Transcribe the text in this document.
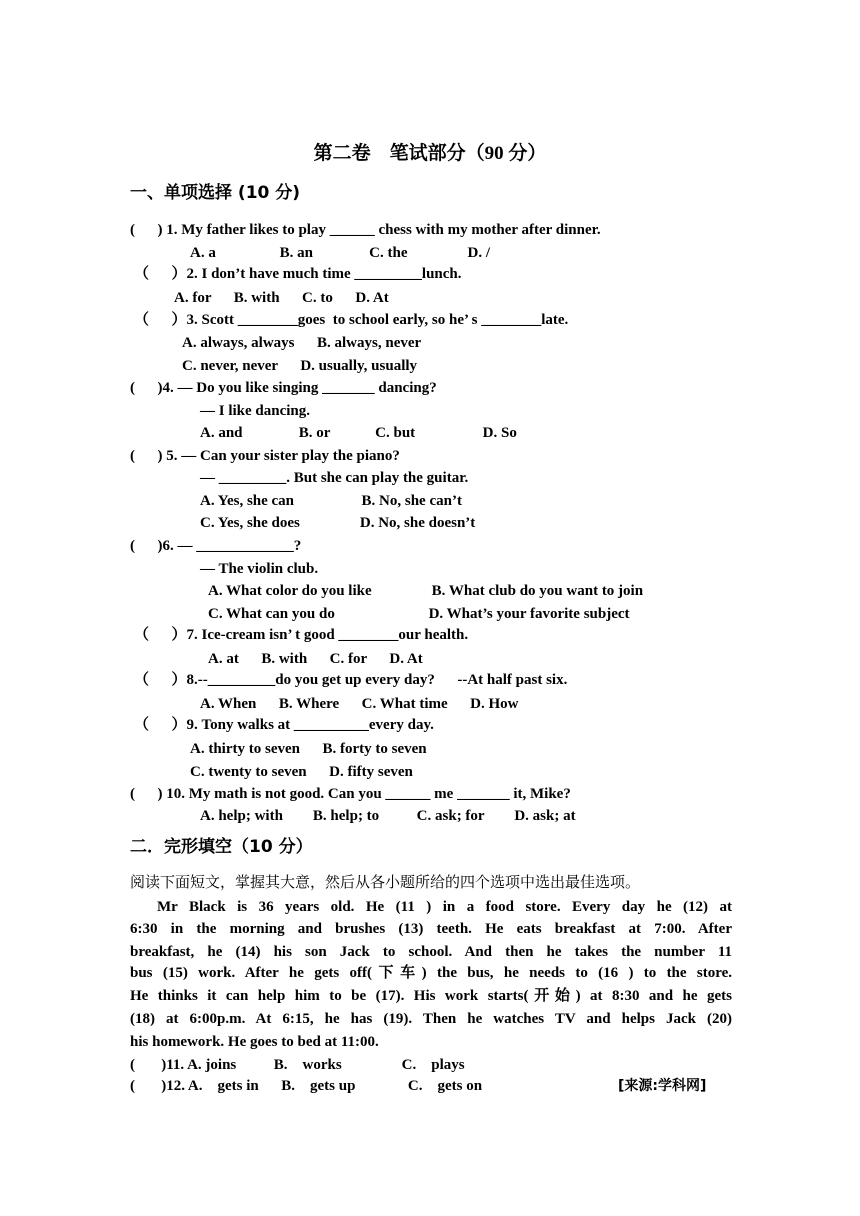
第二卷　笔试部分（90 分）
一、单项选择 (10 分)
(      ) 1. My father likes to play ______ chess with my mother after dinner.
A. a                 B. an               C. the                D. /
（      ）2. I don’t have much time _________lunch.
A. for      B. with      C. to      D. At
（      ）3. Scott ________goes  to school early, so he’ s ________late.
A. always, always      B. always, never
C. never, never      D. usually, usually
(      )4. — Do you like singing _______ dancing?
— I like dancing.
A. and               B. or            C. but                  D. So
(      ) 5. — Can your sister play the piano?
— _________. But she can play the guitar.
A. Yes, she can                  B. No, she can’t
C. Yes, she does                D. No, she doesn’t
(      )6. — _____________?
— The violin club.
A. What color do you like                B. What club do you want to join
C. What can you do                         D. What’s your favorite subject
（      ）7. Ice-cream isn’ t good ________our health.
A. at      B. with      C. for      D. At
（      ）8.--_________do you get up every day?      --At half past six.
A. When      B. Where      C. What time      D. How
（      ）9. Tony walks at __________every day.
A. thirty to seven      B. forty to seven
C. twenty to seven      D. fifty seven
(      ) 10. My math is not good. Can you ______ me _______ it, Mike?
A. help; with        B. help; to          C. ask; for        D. ask; at
二．完形填空（10 分）
阅读下面短文，掌握其大意，然后从各小题所给的四个选项中选出最佳选项。
Mr Black is 36 years old. He (11 ) in a food store. Every day he (12) at
6:30 in the morning and brushes (13) teeth. He eats breakfast at 7:00. After
breakfast, he (14) his son Jack to school. And then he takes the number 11
bus (15) work. After he gets off(下车) the bus, he needs to (16 ) to the store.
He thinks it can help him to be (17). His work starts(开始) at 8:30 and he gets
(18) at 6:00p.m. At 6:15, he has (19). Then he watches TV and helps Jack (20)
his homework. He goes to bed at 11:00.
(       )11. A. joins          B.    works                C.    plays
(       )12. A.    gets in      B.    gets up              C.    gets on	[来源:学科网]
